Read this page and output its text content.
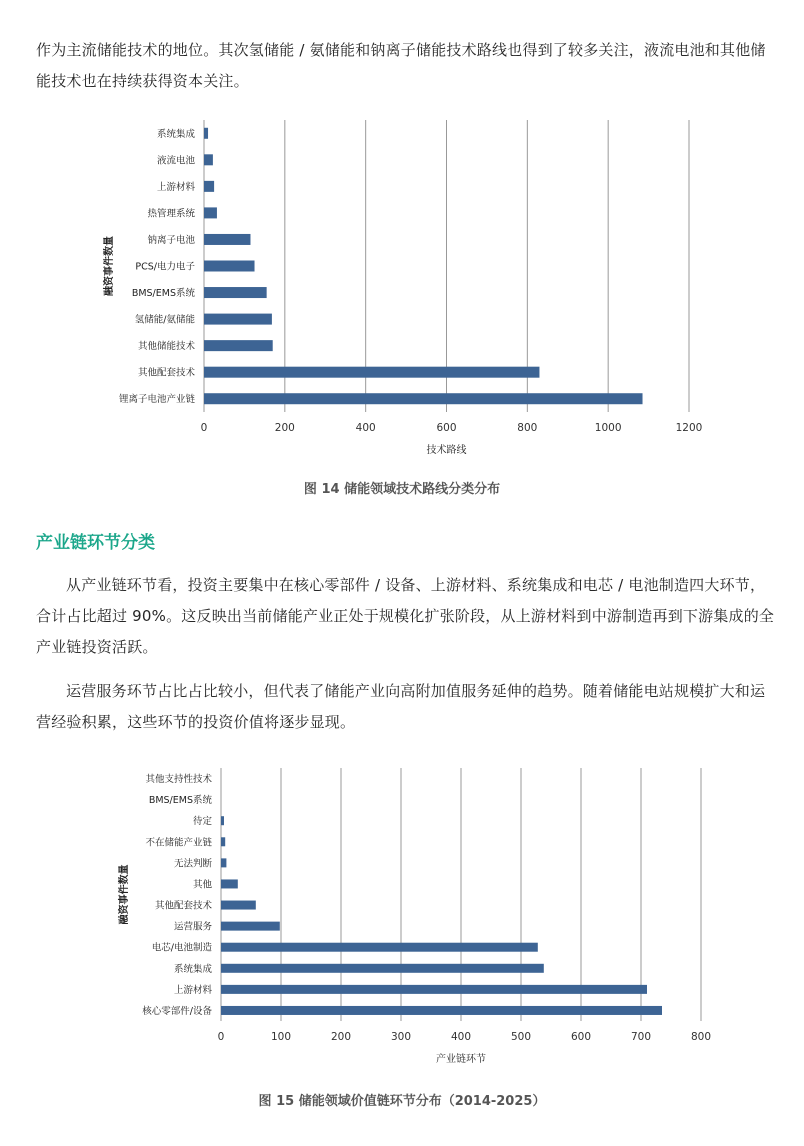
作为主流储能技术的地位。其次氢储能 / 氨储能和钠离子储能技术路线也得到了较多关注，液流电池和其他储能技术也在持续获得资本关注。

0	200	400	600	800	1000	1200
系统集成
液流电池
上游材料
热管理系统
钠离子电池
PCS/电力电子
BMS/EMS系统
氢储能/氨储能
其他储能技术
其他配套技术
锂离子电池产业链
技术路线
融资事件数量

图 14 储能领域技术路线分类分布

产业链环节分类

从产业链环节看，投资主要集中在核心零部件 / 设备、上游材料、系统集成和电芯 / 电池制造四大环节，合计占比超过 90%。这反映出当前储能产业正处于规模化扩张阶段，从上游材料到中游制造再到下游集成的全产业链投资活跃。

运营服务环节占比占比较小，但代表了储能产业向高附加值服务延伸的趋势。随着储能电站规模扩大和运营经验积累，这些环节的投资价值将逐步显现。

0	100	200	300	400	500	600	700	800
其他支持性技术
BMS/EMS系统
待定
不在储能产业链
无法判断
其他
其他配套技术
运营服务
电芯/电池制造
系统集成
上游材料
核心零部件/设备
产业链环节
融资事件数量

图 15 储能领域价值链环节分布（2014-2025）
